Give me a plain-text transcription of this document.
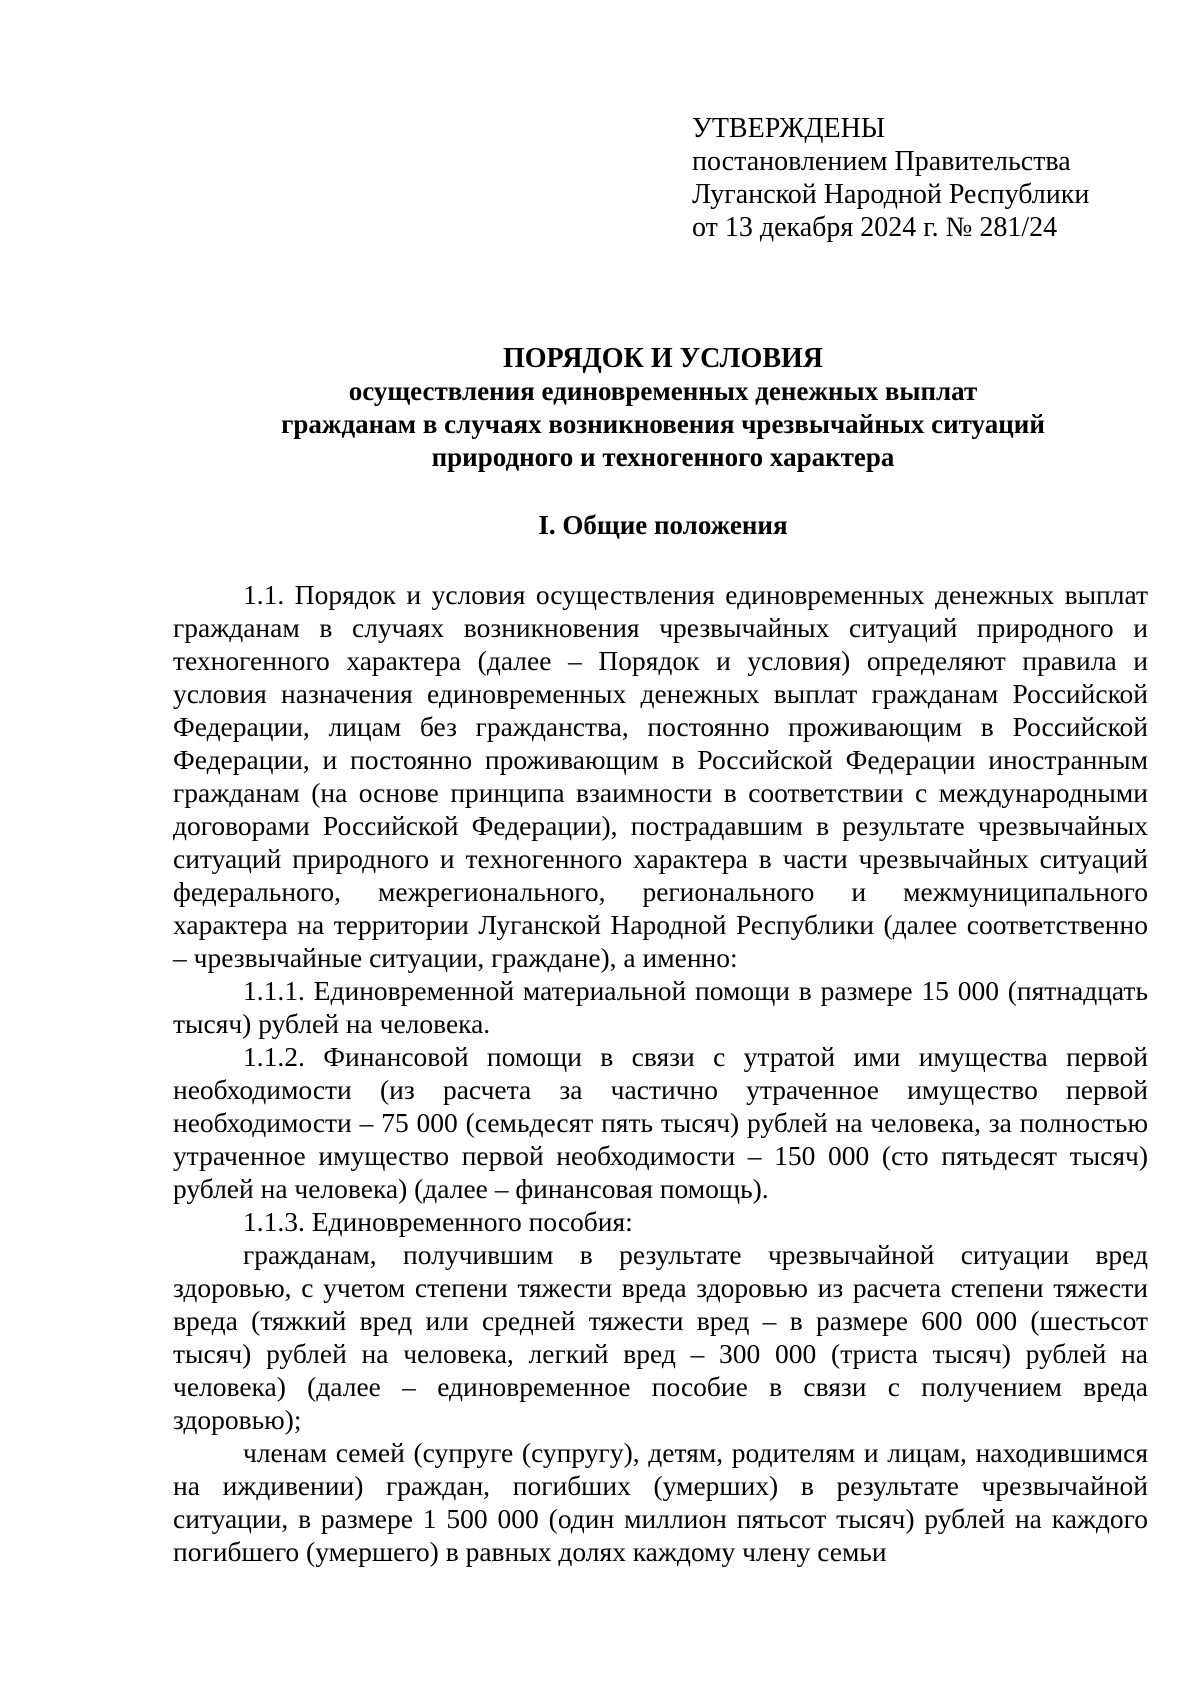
УТВЕРЖДЕНЫ
постановлением Правительства
Луганской Народной Республики
от 13 декабря 2024 г. № 281/24
ПОРЯДОК И УСЛОВИЯ
осуществления единовременных денежных выплат
гражданам в случаях возникновения чрезвычайных ситуаций
природного и техногенного характера
I. Общие положения

1.1. Порядок и условия осуществления единовременных денежных выплат гражданам в случаях возникновения чрезвычайных ситуаций природного и техногенного характера (далее – Порядок и условия) определяют правила и условия назначения единовременных денежных выплат гражданам Российской Федерации, лицам без гражданства, постоянно проживающим в Российской Федерации, и постоянно проживающим в Российской Федерации иностранным гражданам (на основе принципа взаимности в соответствии с международными договорами Российской Федерации), пострадавшим в результате чрезвычайных ситуаций природного и техногенного характера в части чрезвычайных ситуаций федерального, межрегионального, регионального и межмуниципального характера на территории Луганской Народной Республики (далее соответственно – чрезвычайные ситуации, граждане), а именно:

1.1.1. Единовременной материальной помощи в размере 15 000 (пятнадцать тысяч) рублей на человека.

1.1.2. Финансовой помощи в связи с утратой ими имущества первой необходимости (из расчета за частично утраченное имущество первой необходимости – 75 000 (семьдесят пять тысяч) рублей на человека, за полностью утраченное имущество первой необходимости – 150 000 (сто пятьдесят тысяч) рублей на человека) (далее – финансовая помощь).

1.1.3. Единовременного пособия:

гражданам, получившим в результате чрезвычайной ситуации вред здоровью, с учетом степени тяжести вреда здоровью из расчета степени тяжести вреда (тяжкий вред или средней тяжести вред – в размере 600 000 (шестьсот тысяч) рублей на человека, легкий вред – 300 000 (триста тысяч) рублей на человека) (далее – единовременное пособие в связи с получением вреда здоровью);

членам семей (супруге (супругу), детям, родителям и лицам, находившимся на иждивении) граждан, погибших (умерших) в результате чрезвычайной ситуации, в размере 1 500 000 (один миллион пятьсот тысяч) рублей на каждого погибшего (умершего) в равных долях каждому члену семьи
